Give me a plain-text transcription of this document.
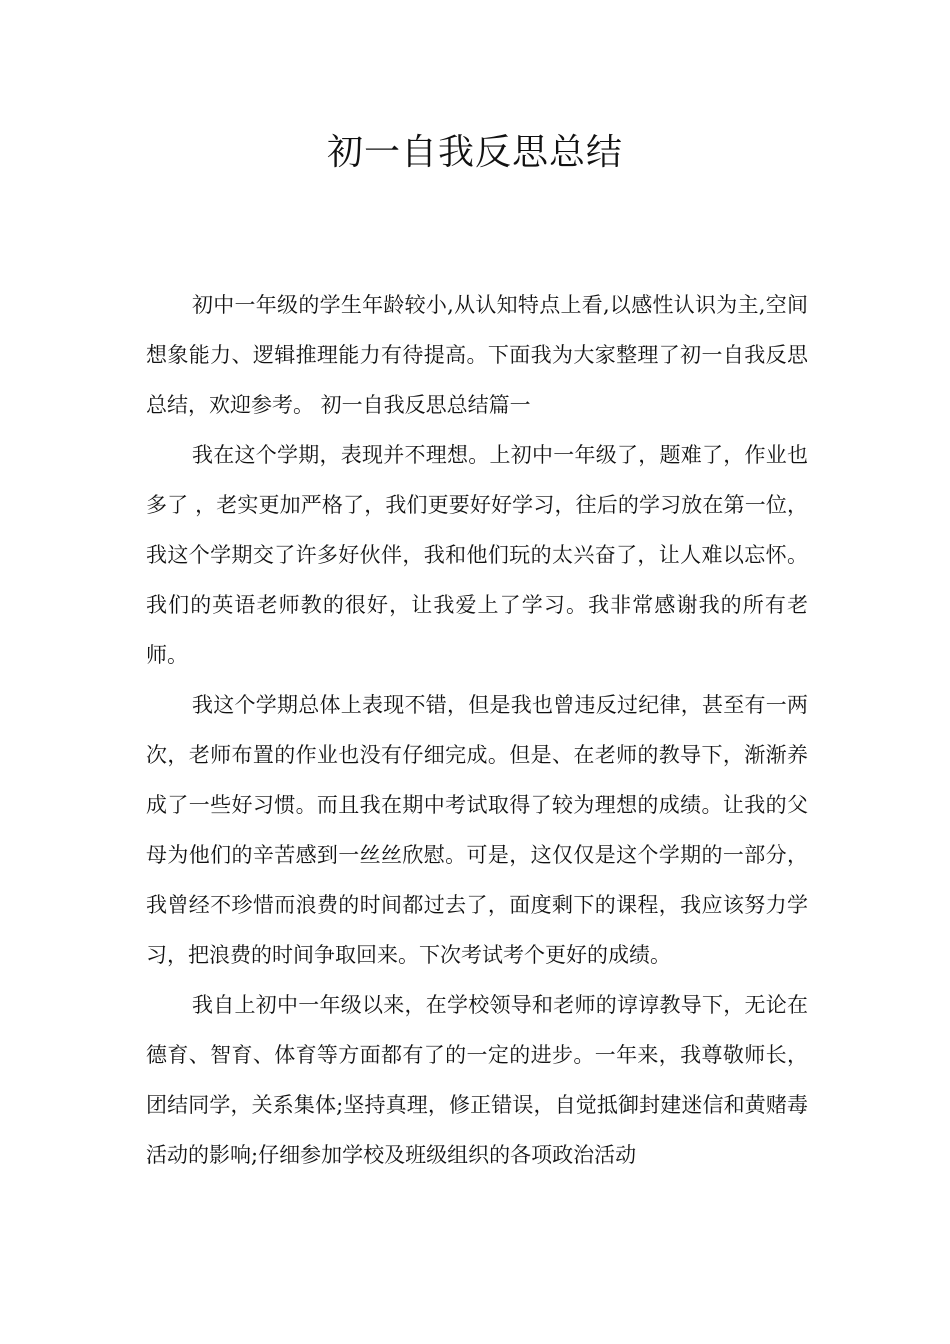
初一自我反思总结

初中一年级的学生年龄较小,从认知特点上看,以感性认识为主,空间想象能力、逻辑推理能力有待提高。下面我为大家整理了初一自我反思总结，欢迎参考。 初一自我反思总结篇一

我在这个学期，表现并不理想。上初中一年级了，题难了，作业也多了 ，老实更加严格了，我们更要好好学习，往后的学习放在第一位，我这个学期交了许多好伙伴，我和他们玩的太兴奋了，让人难以忘怀。我们的英语老师教的很好，让我爱上了学习。我非常感谢我的所有老师。

我这个学期总体上表现不错，但是我也曾违反过纪律，甚至有一两次，老师布置的作业也没有仔细完成。但是、在老师的教导下，渐渐养成了一些好习惯。而且我在期中考试取得了较为理想的成绩。让我的父母为他们的辛苦感到一丝丝欣慰。可是，这仅仅是这个学期的一部分，我曾经不珍惜而浪费的时间都过去了，面度剩下的课程，我应该努力学习，把浪费的时间争取回来。下次考试考个更好的成绩。

我自上初中一年级以来，在学校领导和老师的谆谆教导下，无论在德育、智育、体育等方面都有了的一定的进步。一年来，我尊敬师长，团结同学，关系集体;坚持真理，修正错误，自觉抵御封建迷信和黄赌毒活动的影响;仔细参加学校及班级组织的各项政治活动
